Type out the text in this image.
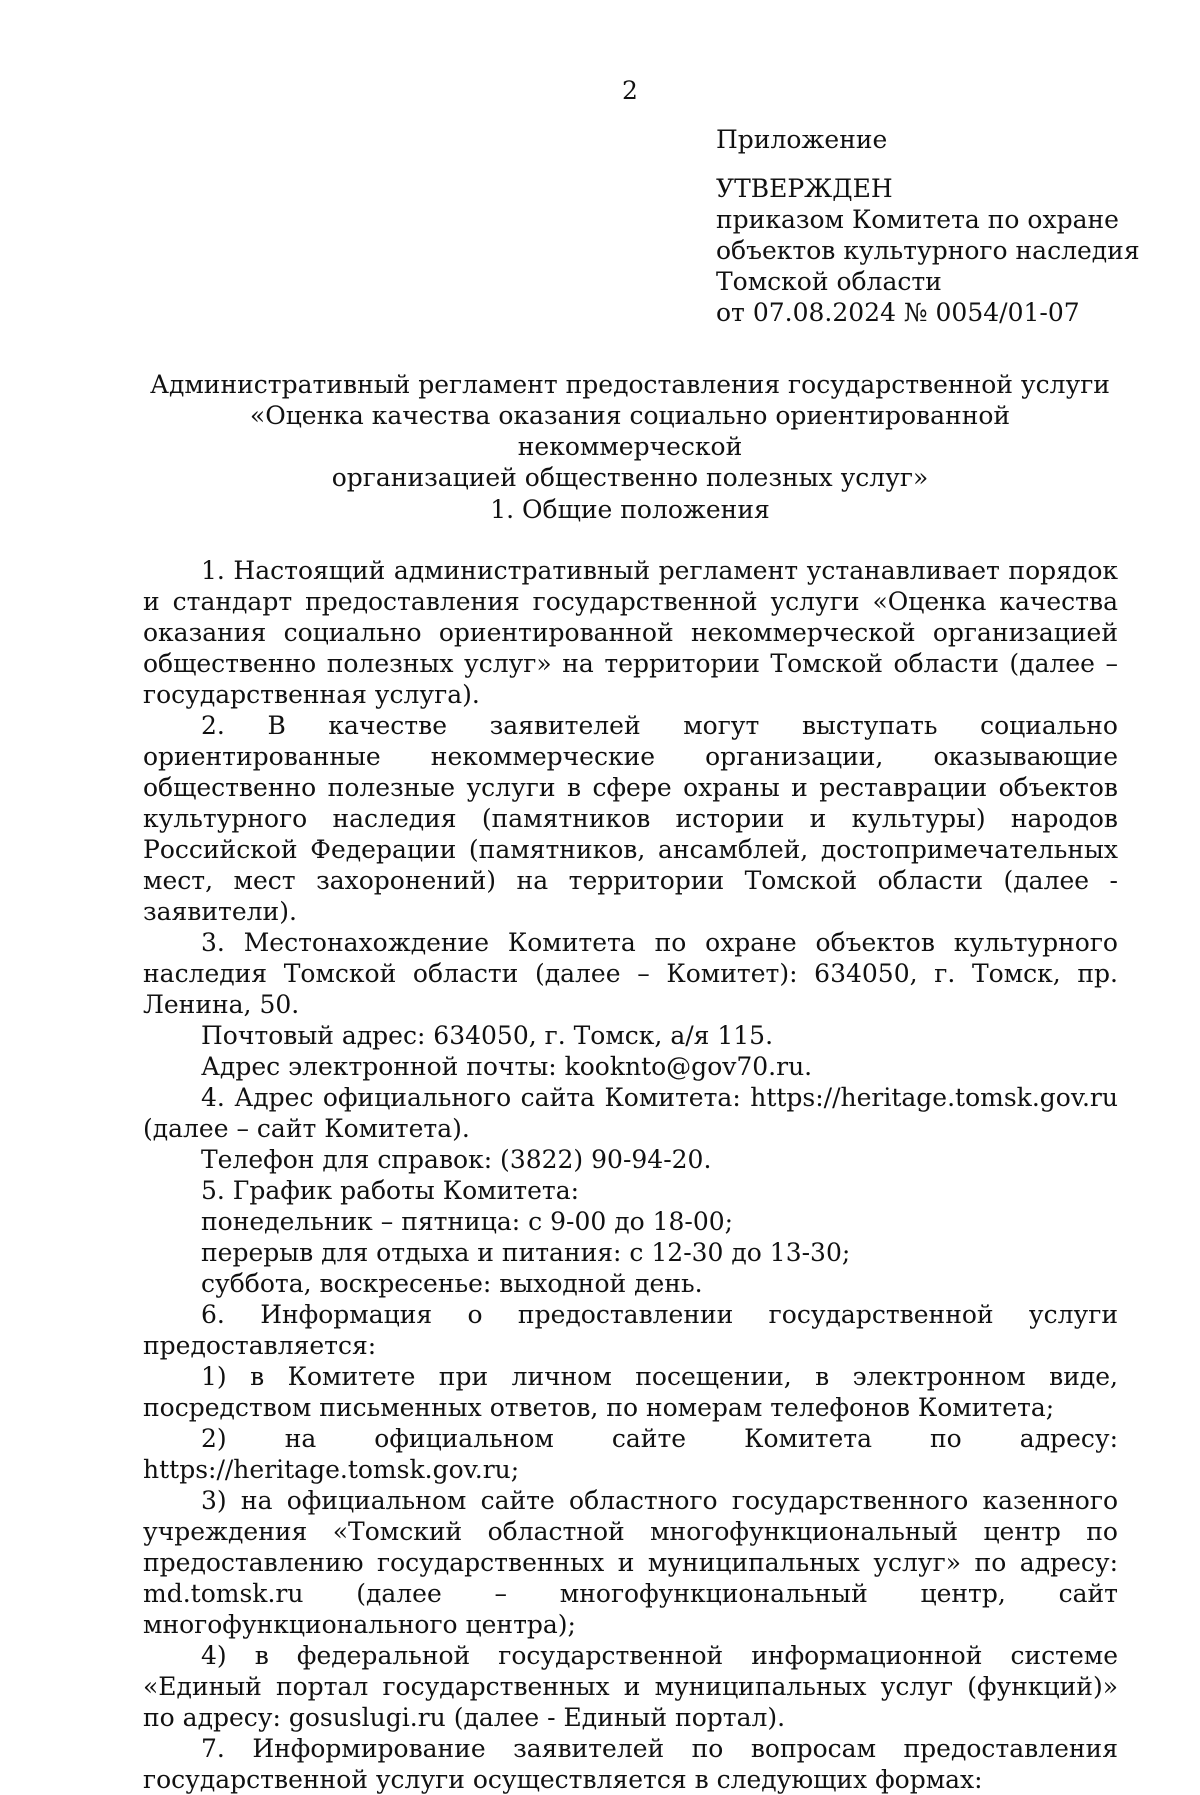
2
Приложение
УТВЕРЖДЕН
приказом Комитета по охране
объектов культурного наследия
Томской области
от 07.08.2024 № 0054/01-07
Административный регламент предоставления государственной услуги
«Оценка качества оказания социально ориентированной некоммерческой
организацией общественно полезных услуг»
1. Общие положения

1. Настоящий административный регламент устанавливает порядок и стандарт предоставления государственной услуги «Оценка качества оказания социально ориентированной некоммерческой организацией общественно полезных услуг» на территории Томской области (далее – государственная услуга).

2. В качестве заявителей могут выступать социально ориентированные некоммерческие организации, оказывающие общественно полезные услуги в сфере охраны и реставрации объектов культурного наследия (памятников истории и культуры) народов Российской Федерации (памятников, ансамблей, достопримечательных мест, мест захоронений) на территории Томской области (далее - заявители).

3. Местонахождение Комитета по охране объектов культурного наследия Томской области (далее – Комитет): 634050, г. Томск, пр. Ленина, 50.

Почтовый адрес: 634050, г. Томск, а/я 115.

Адрес электронной почты: kookntо@gov70.ru.

4. Адрес официального сайта Комитета: https://heritage.tomsk.gov.ru (далее – сайт Комитета).

Телефон для справок: (3822) 90-94-20.

5. График работы Комитета:

понедельник – пятница: с 9-00 до 18-00;

перерыв для отдыха и питания: с 12-30 до 13-30;

суббота, воскресенье: выходной день.

6. Информация о предоставлении государственной услуги предоставляется:

1) в Комитете при личном посещении, в электронном виде, посредством письменных ответов, по номерам телефонов Комитета;

2) на официальном сайте Комитета по адресу: https://heritage.tomsk.gov.ru;

3) на официальном сайте областного государственного казенного учреждения «Томский областной многофункциональный центр по предоставлению государственных и муниципальных услуг» по адресу: md.tomsk.ru (далее – многофункциональный центр, сайт многофункционального центра);

4) в федеральной государственной информационной системе «Единый портал государственных и муниципальных услуг (функций)» по адресу: gosuslugi.ru (далее - Единый портал).

7. Информирование заявителей по вопросам предоставления государственной услуги осуществляется в следующих формах:
